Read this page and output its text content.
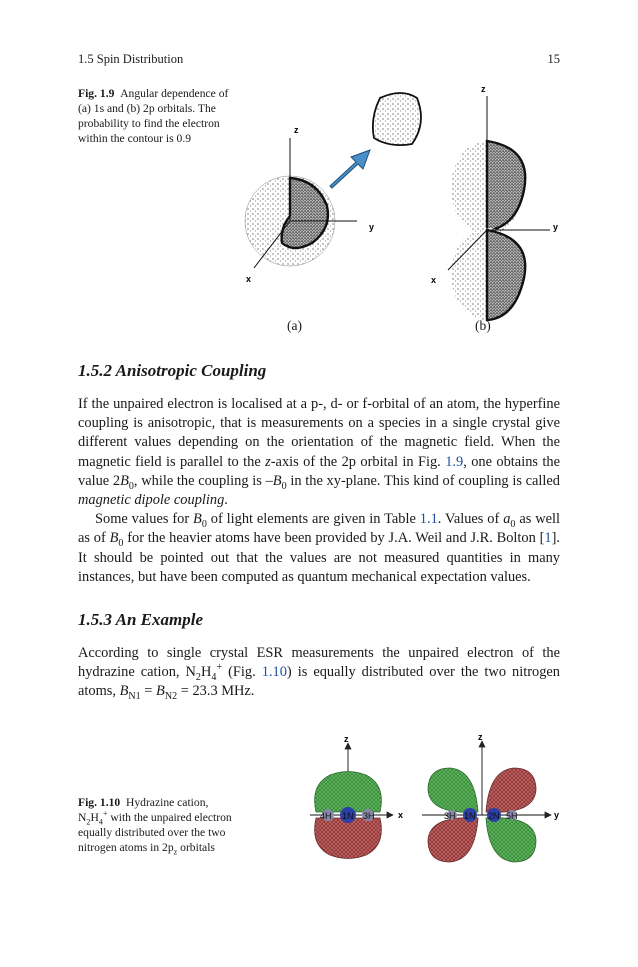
1.5 Spin Distribution	15
Fig. 1.9 Angular dependence of (a) 1s and (b) 2p orbitals. The probability to find the electron within the contour is 0.9
z
y
x
z
y
x
(a)	(b)
1.5.2 Anisotropic Coupling

If the unpaired electron is localised at a p-, d- or f-orbital of an atom, the hyperfine coupling is anisotropic, that is measurements on a species in a single crystal give different values depending on the orientation of the magnetic field. When the magnetic field is parallel to the z-axis of the 2p orbital in Fig. 1.9, one obtains the value $2B_0$, while the coupling is $-B_0$ in the xy-plane. This kind of coupling is called magnetic dipole coupling.

Some values for $B_0$ of light elements are given in Table 1.1. Values of $a_0$ as well as of $B_0$ for the heavier atoms have been provided by J.A. Weil and J.R. Bolton [1]. It should be pointed out that the values are not measured quantities in many instances, but have been computed as quantum mechanical expectation values.

1.5.3 An Example

According to single crystal ESR measurements the unpaired electron of the hydrazine cation, $N_2H_4^+$ (Fig. 1.10) is equally distributed over the two nitrogen atoms, $B_{N1} = B_{N2} = 23.3$ MHz.

Fig. 1.10 Hydrazine cation, $N_2H_4^+$ with the unpaired electron equally distributed over the two nitrogen atoms in $2p_z$ orbitals
z
x
4H 1N 3H
z
y
3H 1N 2N 5H
